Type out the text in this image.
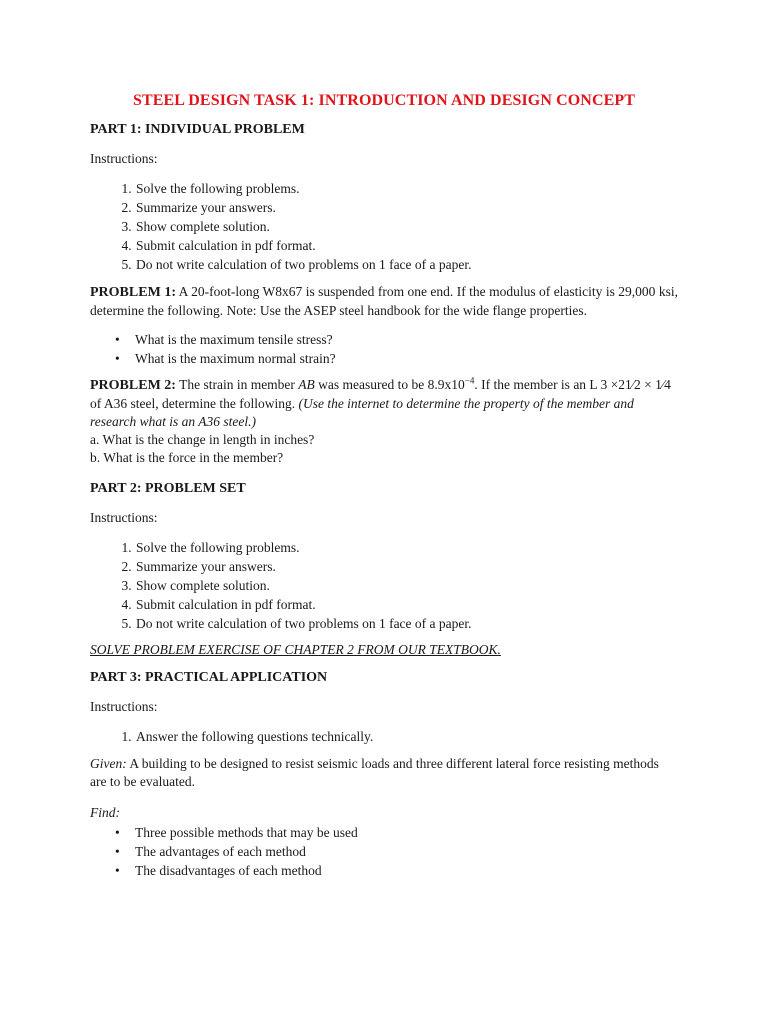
STEEL DESIGN TASK 1: INTRODUCTION AND DESIGN CONCEPT
PART 1: INDIVIDUAL PROBLEM
Instructions:
1. Solve the following problems.
2. Summarize your answers.
3. Show complete solution.
4. Submit calculation in pdf format.
5. Do not write calculation of two problems on 1 face of a paper.
PROBLEM 1: A 20-foot-long W8x67 is suspended from one end. If the modulus of elasticity is 29,000 ksi, determine the following. Note: Use the ASEP steel handbook for the wide flange properties.
• What is the maximum tensile stress?
• What is the maximum normal strain?
PROBLEM 2: The strain in member AB was measured to be $8.9x10^{-4}$. If the member is an L 3 ×21⁄2 × 1⁄4 of A36 steel, determine the following. (Use the internet to determine the property of the member and research what is an A36 steel.)
a. What is the change in length in inches?
b. What is the force in the member?
PART 2: PROBLEM SET
Instructions:
1. Solve the following problems.
2. Summarize your answers.
3. Show complete solution.
4. Submit calculation in pdf format.
5. Do not write calculation of two problems on 1 face of a paper.
SOLVE PROBLEM EXERCISE OF CHAPTER 2 FROM OUR TEXTBOOK.
PART 3: PRACTICAL APPLICATION
Instructions:
1. Answer the following questions technically.
Given: A building to be designed to resist seismic loads and three different lateral force resisting methods are to be evaluated.
Find:
• Three possible methods that may be used
• The advantages of each method
• The disadvantages of each method
